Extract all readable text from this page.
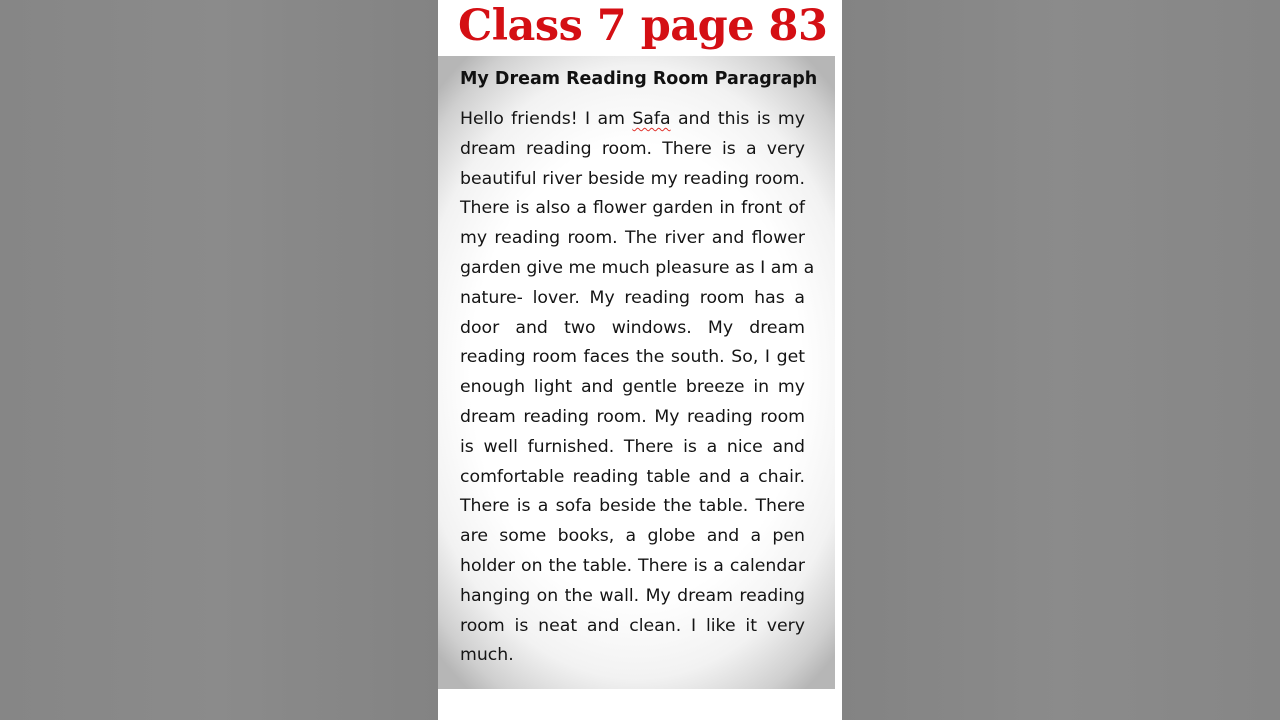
Class 7 page 83
My Dream Reading Room Paragraph
Hello friends! I am Safa and this is my
dream reading room. There is a very
beautiful river beside my reading room.
There is also a flower garden in front of
my reading room. The river and flower
garden give me much pleasure as I am a
nature- lover. My reading room has a
door and two windows. My dream
reading room faces the south. So, I get
enough light and gentle breeze in my
dream reading room. My reading room
is well furnished. There is a nice and
comfortable reading table and a chair.
There is a sofa beside the table. There
are some books, a globe and a pen
holder on the table. There is a calendar
hanging on the wall. My dream reading
room is neat and clean. I like it very
much.
